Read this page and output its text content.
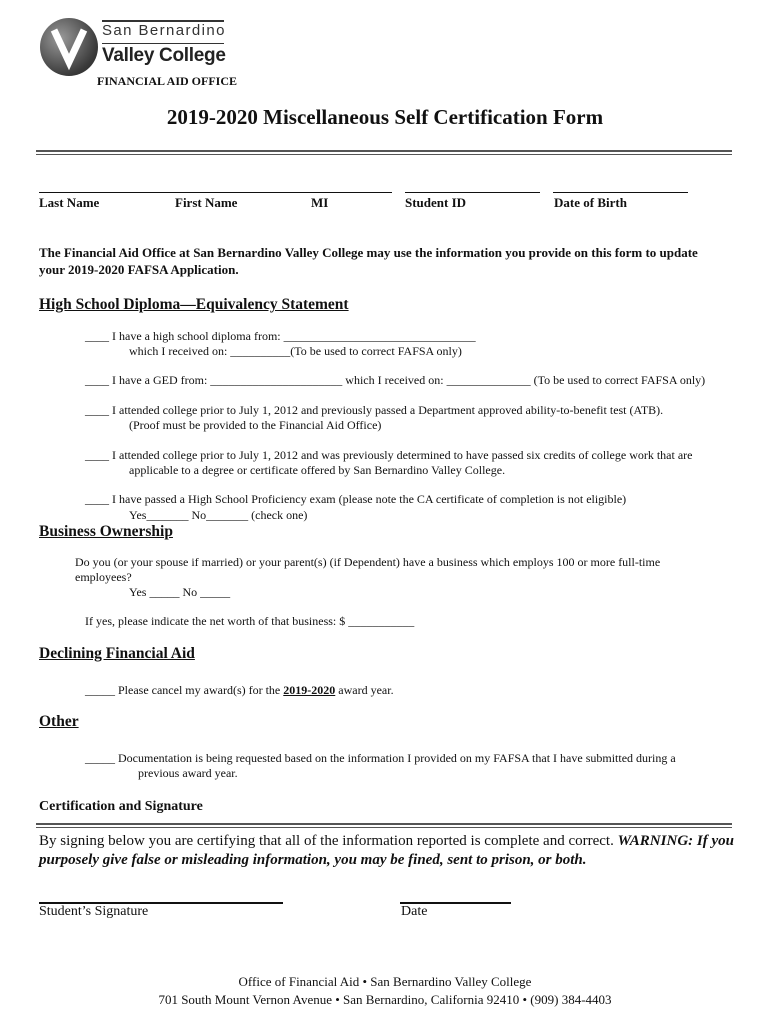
San Bernardino
Valley College
FINANCIAL AID OFFICE
2019-2020 Miscellaneous Self Certification Form
Last Name	First Name	MI	Student ID	Date of Birth
The Financial Aid Office at San Bernardino Valley College may use the information you provide on this form to update your 2019-2020 FAFSA Application.
High School Diploma—Equivalency Statement
____ I have a high school diploma from: ________________________________
which I received on: __________(To be used to correct FAFSA only)
____ I have a GED from: ______________________ which I received on: ______________ (To be used to correct FAFSA only)
____ I attended college prior to July 1, 2012 and previously passed a Department approved ability-to-benefit test (ATB).
(Proof must be provided to the Financial Aid Office)
____ I attended college prior to July 1, 2012 and was previously determined to have passed six credits of college work that are
applicable to a degree or certificate offered by San Bernardino Valley College.
____ I have passed a High School Proficiency exam (please note the CA certificate of completion is not eligible)
Yes_______ No_______ (check one)
Business Ownership
Do you (or your spouse if married) or your parent(s) (if Dependent) have a business which employs 100 or more full-time
employees?
Yes _____ No _____
If yes, please indicate the net worth of that business: $ ___________
Declining Financial Aid
_____ Please cancel my award(s) for the 2019-2020 award year.
Other
_____ Documentation is being requested based on the information I provided on my FAFSA that I have submitted during a
previous award year.
Certification and Signature
By signing below you are certifying that all of the information reported is complete and correct. WARNING: If you purposely give false or misleading information, you may be fined, sent to prison, or both.
Student’s Signature	Date
Office of Financial Aid • San Bernardino Valley College
701 South Mount Vernon Avenue • San Bernardino, California 92410 • (909) 384-4403
